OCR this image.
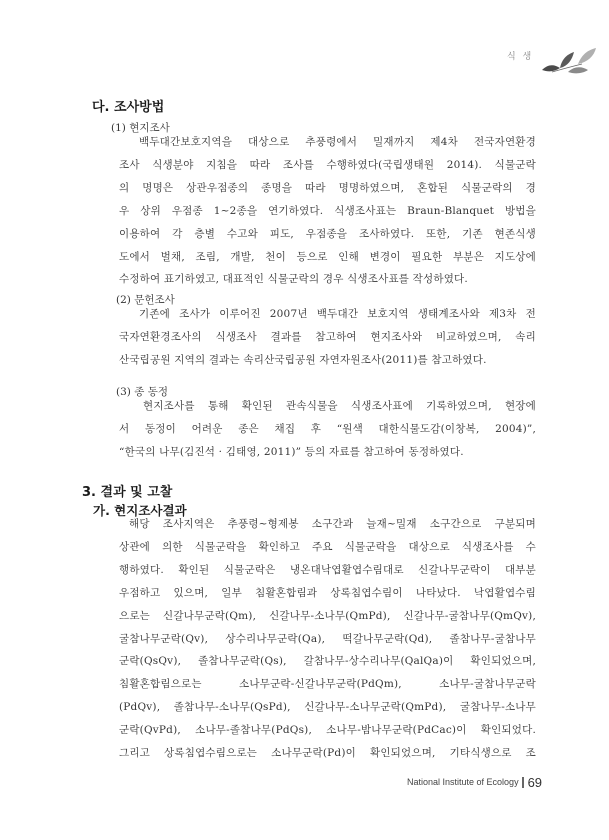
식 생
다. 조사방법
(1) 현지조사
백두대간보호지역을 대상으로 추풍령에서 밀재까지 제4차 전국자연환경
조사 식생분야 지침을 따라 조사를 수행하였다(국립생태원 2014). 식물군락
의 명명은 상관우점종의 종명을 따라 명명하였으며, 혼합된 식물군락의 경
우 상위 우점종 1~2종을 연기하였다. 식생조사표는 Braun-Blanquet 방법을
이용하여 각 층별 수고와 피도, 우점종을 조사하였다. 또한, 기존 현존식생
도에서 벌채, 조림, 개발, 천이 등으로 인해 변경이 필요한 부분은 지도상에
수정하여 표기하였고, 대표적인 식물군락의 경우 식생조사표를 작성하였다.
(2) 문헌조사
기존에 조사가 이루어진 2007년 백두대간 보호지역 생태계조사와 제3차 전
국자연환경조사의 식생조사 결과를 참고하여 현지조사와 비교하였으며, 속리
산국립공원 지역의 결과는 속리산국립공원 자연자원조사(2011)를 참고하였다.
(3) 종 동정
현지조사를 통해 확인된 관속식물을 식생조사표에 기록하였으며, 현장에
서 동정이 어려운 종은 채집 후 “원색 대한식물도감(이창복, 2004)”,
“한국의 나무(김진석 · 김태영, 2011)” 등의 자료를 참고하여 동정하였다.
3. 결과 및 고찰
가. 현지조사결과
해당 조사지역은 추풍령~형제봉 소구간과 늘재~밀재 소구간으로 구분되며
상관에 의한 식물군락을 확인하고 주요 식물군락을 대상으로 식생조사를 수
행하였다. 확인된 식물군락은 냉온대낙엽활엽수림대로 신갈나무군락이 대부분
우점하고 있으며, 일부 침활혼합림과 상록침엽수림이 나타났다. 낙엽활엽수림
으로는 신갈나무군락(Qm), 신갈나무-소나무(QmPd), 신갈나무-굴참나무(QmQv),
굴참나무군락(Qv), 상수리나무군락(Qa), 떡갈나무군락(Qd), 졸참나무-굴참나무
군락(QsQv), 졸참나무군락(Qs), 갈참나무-상수리나무(QalQa)이 확인되었으며,
침활혼합림으로는 소나무군락-신갈나무군락(PdQm), 소나무-굴참나무군락
(PdQv), 졸참나무-소나무(QsPd), 신갈나무-소나무군락(QmPd), 굴참나무-소나무
군락(QvPd), 소나무-졸참나무(PdQs), 소나무-밤나무군락(PdCac)이 확인되었다.
그리고 상록침엽수림으로는 소나무군락(Pd)이 확인되었으며, 기타식생으로 조
National Institute of Ecology 69
